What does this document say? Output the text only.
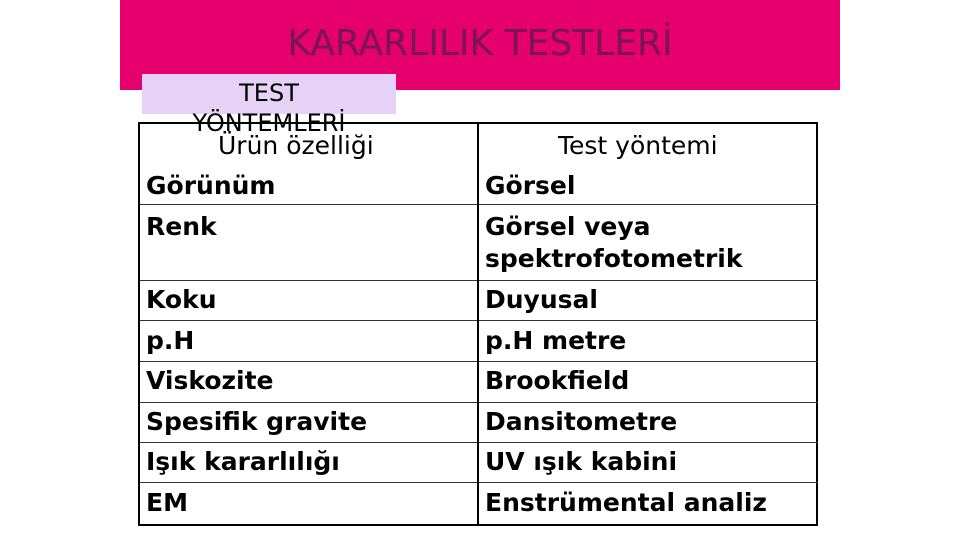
KARARLILIK TESTLERİ
Ürün özelliği	Test yöntemi
Görünüm
Renk
Koku
p.H
Viskozite
Spesifik gravite
Işık kararlılığı
EM
Görsel
Görsel veya
spektrofotometrik
Duyusal
p.H metre
Brookfield
Dansitometre
UV ışık kabini
Enstrümental analiz
TEST
YÖNTEMLERİ
